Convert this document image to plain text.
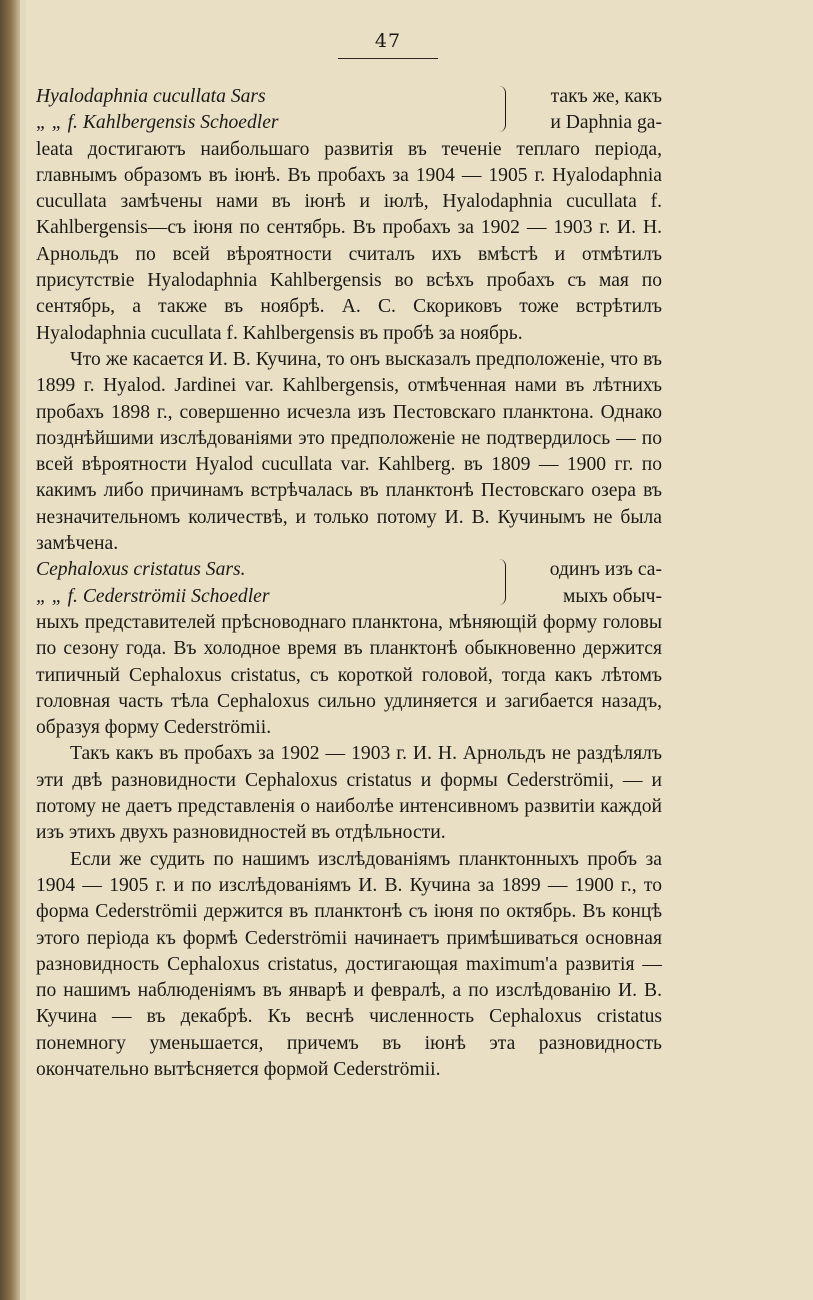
47
Hyalodaphnia cucullata Sars	такъ же, какъ
„ „ f. Kahlbergensis Schoedler	и Daphnia ga-

leata достигаютъ наибольшаго развитія въ теченіе теплаго періода, главнымъ образомъ въ іюнѣ. Въ пробахъ за 1904 — 1905 г. Hyalodaphnia cucullata замѣчены нами въ іюнѣ и іюлѣ, Hyalodaphnia cucullata f. Kahlbergensis—съ іюня по сентябрь. Въ пробахъ за 1902 — 1903 г. И. Н. Арнольдъ по всей вѣроятности считалъ ихъ вмѣстѣ и отмѣтилъ присутствіе Hyalodaphnia Kahlbergensis во всѣхъ пробахъ съ мая по сентябрь, а также въ ноябрѣ. А. С. Скориковъ тоже встрѣтилъ Hyalodaphnia cucullata f. Kahlbergensis въ пробѣ за ноябрь.

Что же касается И. В. Кучина, то онъ высказалъ предположеніе, что въ 1899 г. Hyalod. Jardinei var. Kahlbergensis, отмѣченная нами въ лѣтнихъ пробахъ 1898 г., совершенно исчезла изъ Пестовскаго планктона. Однако позднѣйшими изслѣдованіями это предположеніе не подтвердилось — по всей вѣроятности Hyalod cucullata var. Kahlberg. въ 1809 — 1900 гг. по какимъ либо причинамъ встрѣчалась въ планктонѣ Пестовскаго озера въ незначительномъ количествѣ, и только потому И. В. Кучинымъ не была замѣчена.

Cephaloxus cristatus Sars.	одинъ изъ са-
„ „ f. Cederströmii Schoedler	мыхъ обыч-

ныхъ представителей прѣсноводнаго планктона, мѣняющій форму головы по сезону года. Въ холодное время въ планктонѣ обыкновенно держится типичный Cephaloxus cristatus, съ короткой головой, тогда какъ лѣтомъ головная часть тѣла Cephaloxus сильно удлиняется и загибается назадъ, образуя форму Cederströmii.

Такъ какъ въ пробахъ за 1902 — 1903 г. И. Н. Арнольдъ не раздѣлялъ эти двѣ разновидности Cephaloxus cristatus и формы Cederströmii, — и потому не даетъ представленія о наиболѣе интенсивномъ развитіи каждой изъ этихъ двухъ разновидностей въ отдѣльности.

Если же судить по нашимъ изслѣдованіямъ планктонныхъ пробъ за 1904 — 1905 г. и по изслѣдованіямъ И. В. Кучина за 1899 — 1900 г., то форма Cederströmii держится въ планктонѣ съ іюня по октябрь. Въ концѣ этого періода къ формѣ Cederströmii начинаетъ примѣшиваться основная разновидность Cephaloxus cristatus, достигающая maximum'а развитія — по нашимъ наблюденіямъ въ январѣ и февралѣ, а по изслѣдованію И. В. Кучина — въ декабрѣ. Къ веснѣ численность Cephaloxus cristatus понемногу уменьшается, причемъ въ іюнѣ эта разновидность окончательно вытѣсняется формой Cederströmii.
